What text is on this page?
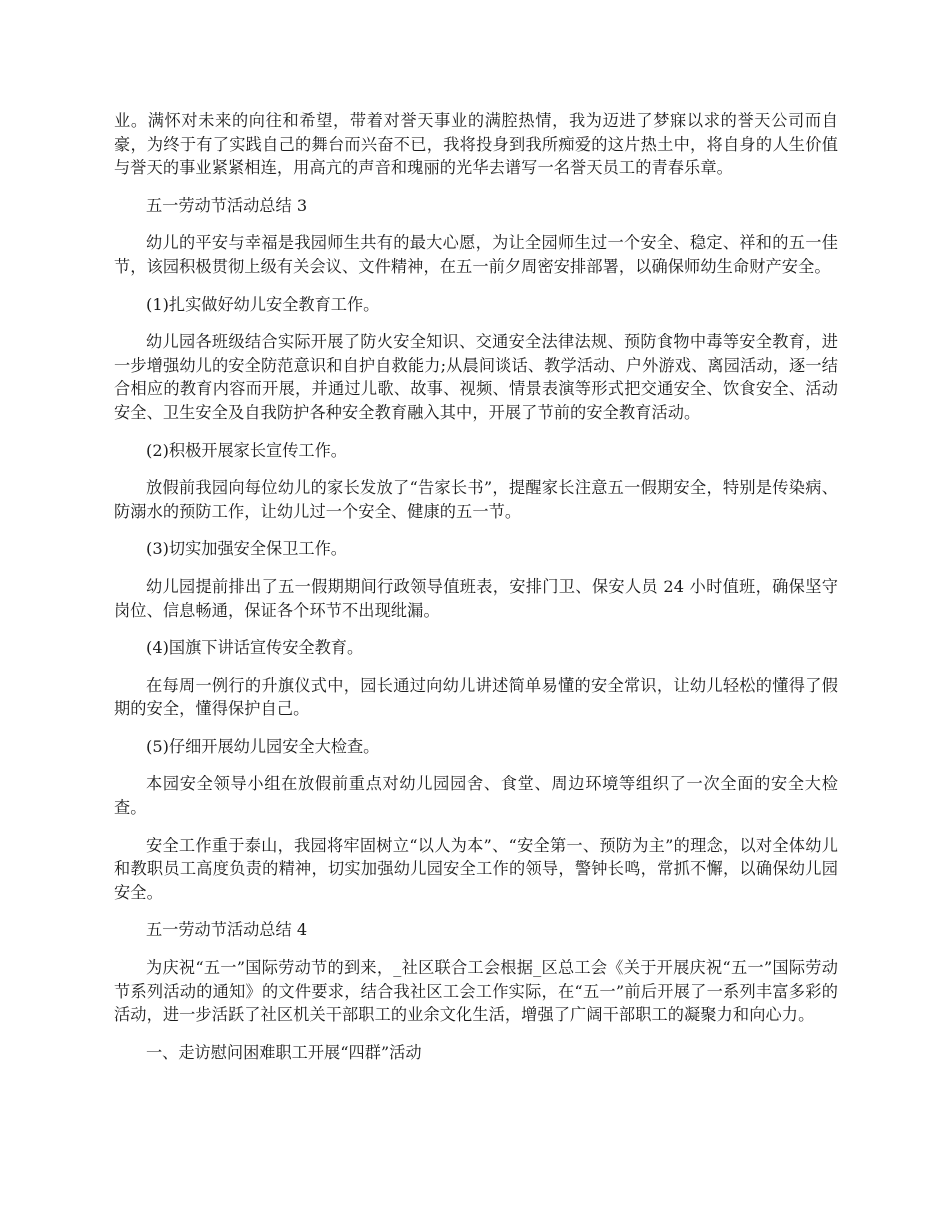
业。满怀对未来的向往和希望，带着对誉天事业的满腔热情，我为迈进了梦寐以求的誉天公司而自豪，为终于有了实践自己的舞台而兴奋不已，我将投身到我所痴爱的这片热土中，将自身的人生价值与誉天的事业紧紧相连，用高亢的声音和瑰丽的光华去谱写一名誉天员工的青春乐章。

五一劳动节活动总结 3

幼儿的平安与幸福是我园师生共有的最大心愿，为让全园师生过一个安全、稳定、祥和的五一佳节，该园积极贯彻上级有关会议、文件精神，在五一前夕周密安排部署，以确保师幼生命财产安全。

(1)扎实做好幼儿安全教育工作。

幼儿园各班级结合实际开展了防火安全知识、交通安全法律法规、预防食物中毒等安全教育，进一步增强幼儿的安全防范意识和自护自救能力;从晨间谈话、教学活动、户外游戏、离园活动，逐一结合相应的教育内容而开展，并通过儿歌、故事、视频、情景表演等形式把交通安全、饮食安全、活动安全、卫生安全及自我防护各种安全教育融入其中，开展了节前的安全教育活动。

(2)积极开展家长宣传工作。

放假前我园向每位幼儿的家长发放了“告家长书”，提醒家长注意五一假期安全，特别是传染病、防溺水的预防工作，让幼儿过一个安全、健康的五一节。

(3)切实加强安全保卫工作。

幼儿园提前排出了五一假期期间行政领导值班表，安排门卫、保安人员 24 小时值班，确保坚守岗位、信息畅通，保证各个环节不出现纰漏。

(4)国旗下讲话宣传安全教育。

在每周一例行的升旗仪式中，园长通过向幼儿讲述简单易懂的安全常识，让幼儿轻松的懂得了假期的安全，懂得保护自己。

(5)仔细开展幼儿园安全大检查。

本园安全领导小组在放假前重点对幼儿园园舍、食堂、周边环境等组织了一次全面的安全大检查。

安全工作重于泰山，我园将牢固树立“以人为本”、“安全第一、预防为主”的理念，以对全体幼儿和教职员工高度负责的精神，切实加强幼儿园安全工作的领导，警钟长鸣，常抓不懈，以确保幼儿园安全。

五一劳动节活动总结 4

为庆祝“五一”国际劳动节的到来，_社区联合工会根据_区总工会《关于开展庆祝“五一”国际劳动节系列活动的通知》的文件要求，结合我社区工会工作实际，在“五一”前后开展了一系列丰富多彩的活动，进一步活跃了社区机关干部职工的业余文化生活，增强了广阔干部职工的凝聚力和向心力。

一、走访慰问困难职工开展“四群”活动
